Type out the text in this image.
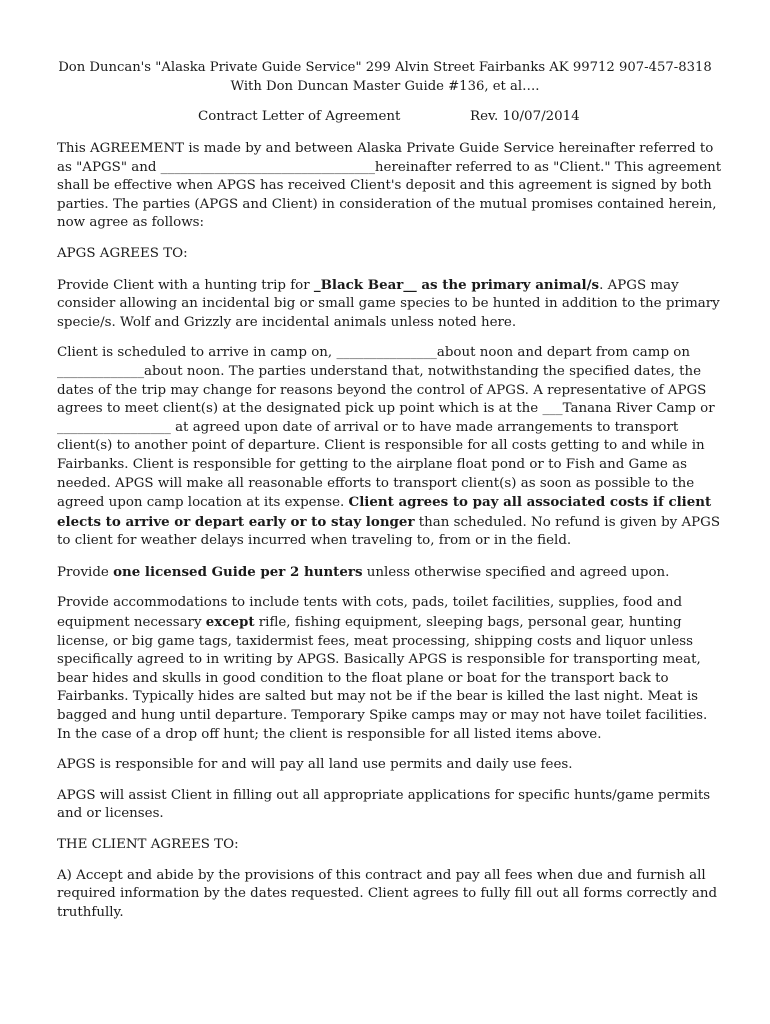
Don Duncan's "Alaska Private Guide Service" 299 Alvin Street Fairbanks AK 99712 907-457-8318
With Don Duncan Master Guide #136, et al….
Contract Letter of Agreement	Rev. 10/07/2014

This AGREEMENT is made by and between Alaska Private Guide Service hereinafter referred to as "APGS" and ________________________________hereinafter referred to as "Client." This agreement shall be effective when APGS has received Client's deposit and this agreement is signed by both parties. The parties (APGS and Client) in consideration of the mutual promises contained herein, now agree as follows:

APGS AGREES TO:

Provide Client with a hunting trip for _Black Bear__ as the primary animal/s. APGS may consider allowing an incidental big or small game species to be hunted in addition to the primary specie/s. Wolf and Grizzly are incidental animals unless noted here.

Client is scheduled to arrive in camp on, _______________about noon and depart from camp on _____________about noon. The parties understand that, notwithstanding the specified dates, the dates of the trip may change for reasons beyond the control of APGS. A representative of APGS agrees to meet client(s) at the designated pick up point which is at the ___Tanana River Camp or _________________ at agreed upon date of arrival or to have made arrangements to transport client(s) to another point of departure. Client is responsible for all costs getting to and while in Fairbanks. Client is responsible for getting to the airplane float pond or to Fish and Game as needed. APGS will make all reasonable efforts to transport client(s) as soon as possible to the agreed upon camp location at its expense. Client agrees to pay all associated costs if client elects to arrive or depart early or to stay longer than scheduled. No refund is given by APGS to client for weather delays incurred when traveling to, from or in the field.

Provide one licensed Guide per 2 hunters unless otherwise specified and agreed upon.

Provide accommodations to include tents with cots, pads, toilet facilities, supplies, food and equipment necessary except rifle, fishing equipment, sleeping bags, personal gear, hunting license, or big game tags, taxidermist fees, meat processing, shipping costs and liquor unless specifically agreed to in writing by APGS. Basically APGS is responsible for transporting meat, bear hides and skulls in good condition to the float plane or boat for the transport back to Fairbanks. Typically hides are salted but may not be if the bear is killed the last night. Meat is bagged and hung until departure. Temporary Spike camps may or may not have toilet facilities. In the case of a drop off hunt; the client is responsible for all listed items above.

APGS is responsible for and will pay all land use permits and daily use fees.

APGS will assist Client in filling out all appropriate applications for specific hunts/game permits and or licenses.

THE CLIENT AGREES TO:

A) Accept and abide by the provisions of this contract and pay all fees when due and furnish all required information by the dates requested. Client agrees to fully fill out all forms correctly and truthfully.
